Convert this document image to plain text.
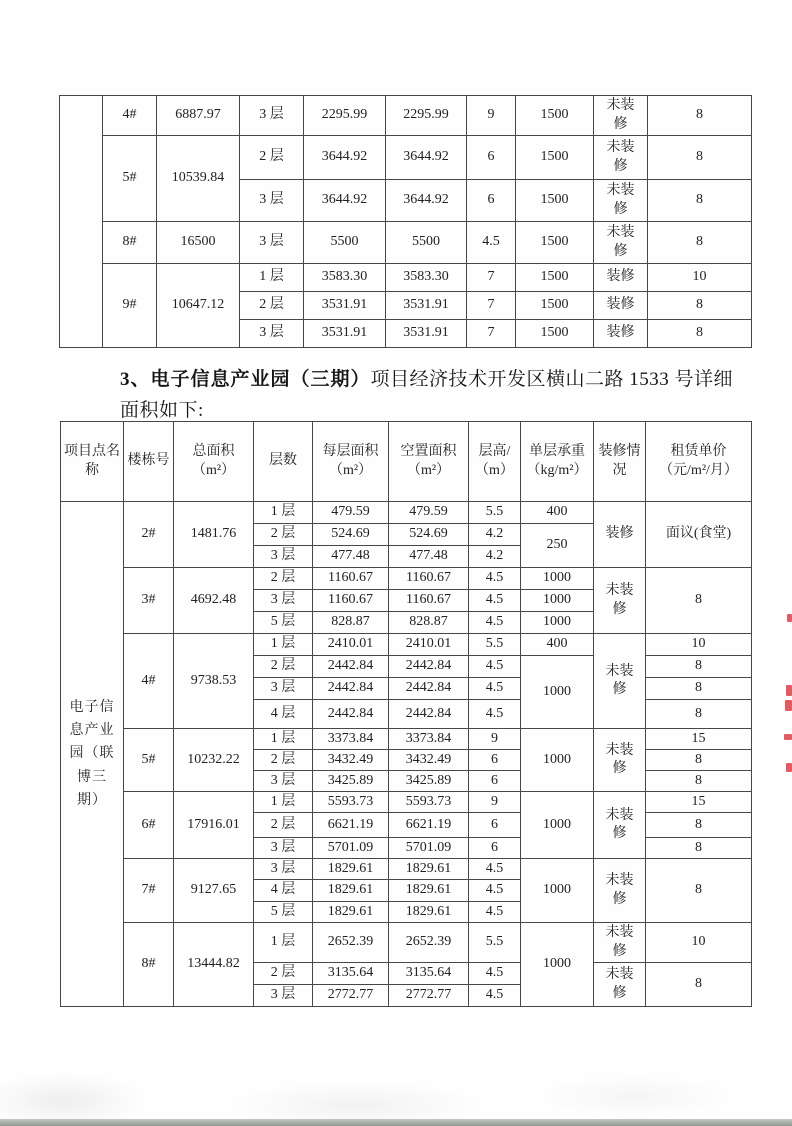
	4#	6887.97	3 层	2295.99	2295.99	9	1500	未装修	8
	5#	10539.84	2 层	3644.92	3644.92	6	1500	未装修	8
			3 层	3644.92	3644.92	6	1500	未装修	8
	8#	16500	3 层	5500	5500	4.5	1500	未装修	8
	9#	10647.12	1 层	3583.30	3583.30	7	1500	装修	10
			2 层	3531.91	3531.91	7	1500	装修	8
			3 层	3531.91	3531.91	7	1500	装修	8
3、电子信息产业园（三期）项目经济技术开发区横山二路 1533 号详细
面积如下:
项目点名称	楼栋号	总面积（m²）	层数	每层面积（m²）	空置面积（m²）	层高/（m）	单层承重（kg/m²）	装修情况	租赁单价（元/m²/月）
电子信息产业园（联博三期）	2#	1481.76	1 层	479.59	479.59	5.5	400	装修	面议(食堂)
			2 层	524.69	524.69	4.2	250		
			3 层	477.48	477.48	4.2			
	3#	4692.48	2 层	1160.67	1160.67	4.5	1000	未装修	8
			3 层	1160.67	1160.67	4.5	1000		
			5 层	828.87	828.87	4.5	1000		
	4#	9738.53	1 层	2410.01	2410.01	5.5	400	未装修	10
			2 层	2442.84	2442.84	4.5	1000		8
			3 层	2442.84	2442.84	4.5			8
			4 层	2442.84	2442.84	4.5			8
	5#	10232.22	1 层	3373.84	3373.84	9	1000	未装修	15
			2 层	3432.49	3432.49	6			8
			3 层	3425.89	3425.89	6			8
	6#	17916.01	1 层	5593.73	5593.73	9	1000	未装修	15
			2 层	6621.19	6621.19	6			8
			3 层	5701.09	5701.09	6			8
	7#	9127.65	3 层	1829.61	1829.61	4.5	1000	未装修	8
			4 层	1829.61	1829.61	4.5			
			5 层	1829.61	1829.61	4.5			
	8#	13444.82	1 层	2652.39	2652.39	5.5	1000	未装修	10
			2 层	3135.64	3135.64	4.5		未装修	8
			3 层	2772.77	2772.77	4.5			
